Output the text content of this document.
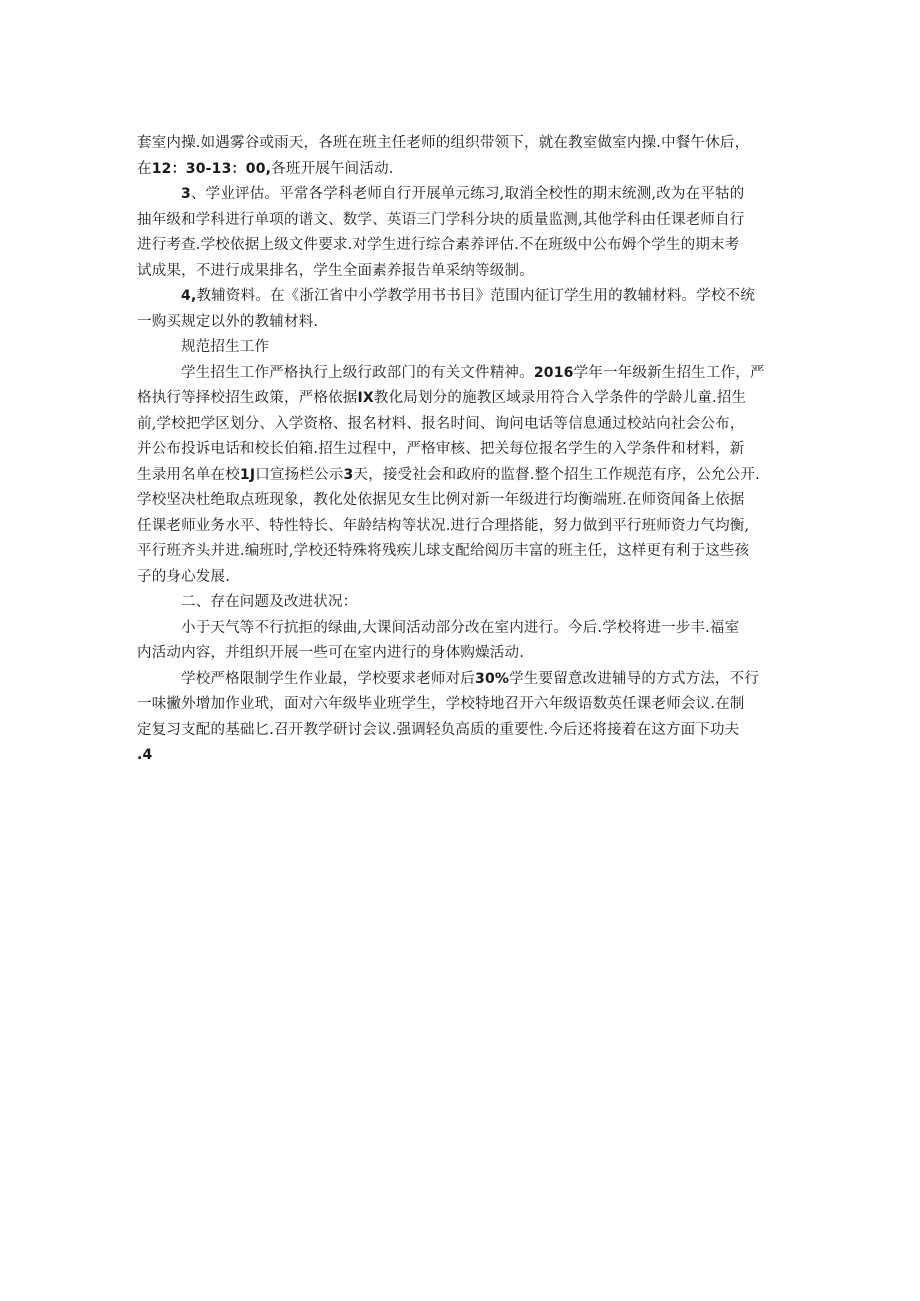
套室内操.如遇雾谷或雨天，各班在班主任老师的组织带领下，就在教室做室内操.中餐午休后，
在12：30-13：00,各班开展午间活动.
3、学业评估。平常各学科老师自行开展单元练习,取消全校性的期末统测,改为在平牯的
抽年级和学科进行单项的谱文、数学、英语三门学科分块的质量监测,其他学科由任课老师自行
进行考查.学校依据上级文件要求.对学生进行综合素养评估.不在班级中公布姆个学生的期末考
试成果，不进行成果排名，学生全面素养报告单采纳等级制。
4,教辅资料。在《浙江省中小学教学用书书目》范围内征订学生用的教辅材料。学校不统
一购买规定以外的教辅材料.
规范招生工作
学生招生工作严格执行上级行政部门的有关文件精神。2016学年一年级新生招生工作，严
格执行等择校招生政策，严格依据IX教化局划分的施教区域录用符合入学条件的学龄儿童.招生
前,学校把学区划分、入学资格、报名材料、报名时间、询问电话等信息通过校站向社会公布，
并公布投诉电话和校长伯箱.招生过程中，严格审核、把关每位报名学生的入学条件和材料，新
生录用名单在校1J口宣扬栏公示3天，接受社会和政府的监督.整个招生工作规范有序，公允公开.
学校坚决杜绝取点班现象，教化处依据见女生比例对新一年级进行均衡端班.在师资闻备上依据
任课老师业务水平、特性特长、年龄结构等状况.进行合理搭能，努力做到平行班师资力气均衡,
平行班齐头并进.编班时,学校还特殊将残疾儿球支配给阅历丰富的班主任，这样更有利于这些孩
子的身心发展.
二、存在问题及改进状况：
小于天气等不行抗拒的绿曲,大课间活动部分改在室内进行。今后.学校将进一步丰.福室
内活动内容，并组织开展一些可在室内进行的身体购燥活动.
学校严格限制学生作业最，学校要求老师对后30%学生要留意改进辅导的方式方法，不行
一味撇外增加作业玳，面对六年级毕业班学生，学校特地召开六年级语数英任课老师会议.在制
定复习支配的基础匕.召开教学研讨会议.强调轻负高质的重要性.今后还将接着在这方面下功夫
.4
